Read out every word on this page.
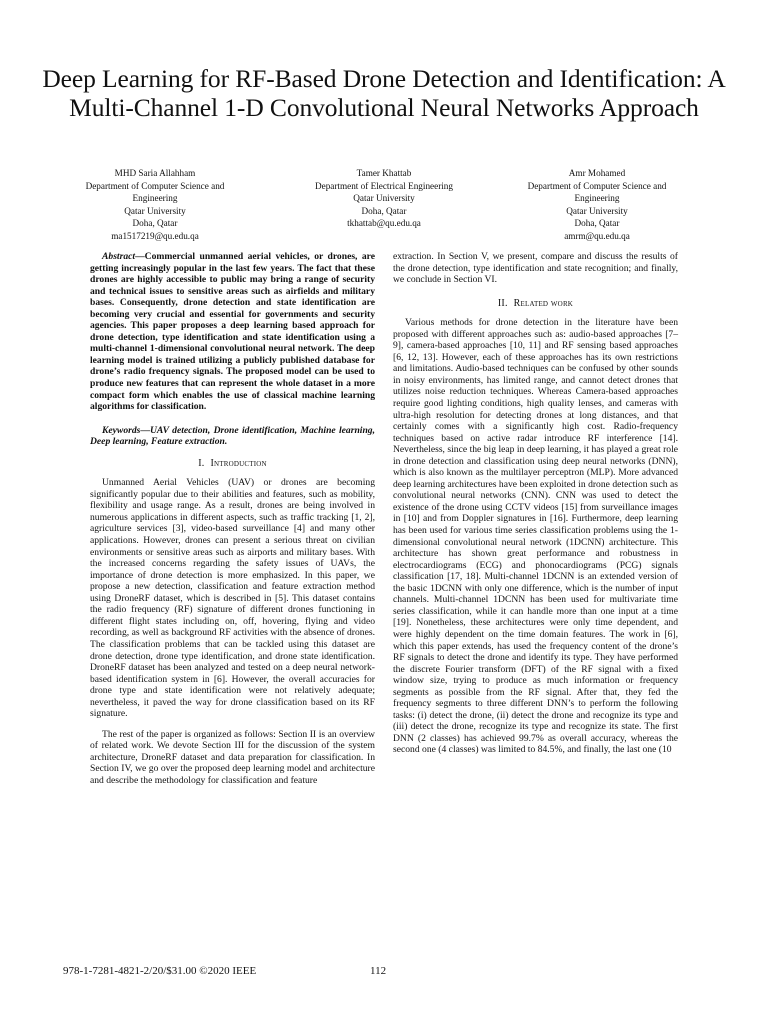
Deep Learning for RF-Based Drone Detection and Identification: A Multi-Channel 1-D Convolutional Neural Networks Approach
MHD Saria Allahham
Department of Computer Science and
Engineering
Qatar University
Doha, Qatar
ma1517219@qu.edu.qa
Tamer Khattab
Department of Electrical Engineering
Qatar University
Doha, Qatar
tkhattab@qu.edu.qa
Amr Mohamed
Department of Computer Science and
Engineering
Qatar University
Doha, Qatar
amrm@qu.edu.qa

Abstract—Commercial unmanned aerial vehicles, or drones, are getting increasingly popular in the last few years. The fact that these drones are highly accessible to public may bring a range of security and technical issues to sensitive areas such as airfields and military bases. Consequently, drone detection and state identification are becoming very crucial and essential for governments and security agencies. This paper proposes a deep learning based approach for drone detection, type identification and state identification using a multi-channel 1-dimensional convolutional neural network. The deep learning model is trained utilizing a publicly published database for drone’s radio frequency signals. The proposed model can be used to produce new features that can represent the whole dataset in a more compact form which enables the use of classical machine learning algorithms for classification.

Keywords—UAV detection, Drone identification, Machine learning, Deep learning, Feature extraction.

I. Introduction

Unmanned Aerial Vehicles (UAV) or drones are becoming significantly popular due to their abilities and features, such as mobility, flexibility and usage range. As a result, drones are being involved in numerous applications in different aspects, such as traffic tracking [1, 2], agriculture services [3], video-based surveillance [4] and many other applications. However, drones can present a serious threat on civilian environments or sensitive areas such as airports and military bases. With the increased concerns regarding the safety issues of UAVs, the importance of drone detection is more emphasized. In this paper, we propose a new detection, classification and feature extraction method using DroneRF dataset, which is described in [5]. This dataset contains the radio frequency (RF) signature of different drones functioning in different flight states including on, off, hovering, flying and video recording, as well as background RF activities with the absence of drones. The classification problems that can be tackled using this dataset are drone detection, drone type identification, and drone state identification. DroneRF dataset has been analyzed and tested on a deep neural network-based identification system in [6]. However, the overall accuracies for drone type and state identification were not relatively adequate; nevertheless, it paved the way for drone classification based on its RF signature.

The rest of the paper is organized as follows: Section II is an overview of related work. We devote Section III for the discussion of the system architecture, DroneRF dataset and data preparation for classification. In Section IV, we go over the proposed deep learning model and architecture and describe the methodology for classification and feature

extraction. In Section V, we present, compare and discuss the results of the drone detection, type identification and state recognition; and finally, we conclude in Section VI.

II. Related work

Various methods for drone detection in the literature have been proposed with different approaches such as: audio-based approaches [7–9], camera-based approaches [10, 11] and RF sensing based approaches [6, 12, 13]. However, each of these approaches has its own restrictions and limitations. Audio-based techniques can be confused by other sounds in noisy environments, has limited range, and cannot detect drones that utilizes noise reduction techniques. Whereas Camera-based approaches require good lighting conditions, high quality lenses, and cameras with ultra-high resolution for detecting drones at long distances, and that certainly comes with a significantly high cost. Radio-frequency techniques based on active radar introduce RF interference [14]. Nevertheless, since the big leap in deep learning, it has played a great role in drone detection and classification using deep neural networks (DNN), which is also known as the multilayer perceptron (MLP). More advanced deep learning architectures have been exploited in drone detection such as convolutional neural networks (CNN). CNN was used to detect the existence of the drone using CCTV videos [15] from surveillance images in [10] and from Doppler signatures in [16]. Furthermore, deep learning has been used for various time series classification problems using the 1-dimensional convolutional neural network (1DCNN) architecture. This architecture has shown great performance and robustness in electrocardiograms (ECG) and phonocardiograms (PCG) signals classification [17, 18]. Multi-channel 1DCNN is an extended version of the basic 1DCNN with only one difference, which is the number of input channels. Multi-channel 1DCNN has been used for multivariate time series classification, while it can handle more than one input at a time [19]. Nonetheless, these architectures were only time dependent, and were highly dependent on the time domain features. The work in [6], which this paper extends, has used the frequency content of the drone’s RF signals to detect the drone and identify its type. They have performed the discrete Fourier transform (DFT) of the RF signal with a fixed window size, trying to produce as much information or frequency segments as possible from the RF signal. After that, they fed the frequency segments to three different DNN’s to perform the following tasks: (i) detect the drone, (ii) detect the drone and recognize its type and (iii) detect the drone, recognize its type and recognize its state. The first DNN (2 classes) has achieved 99.7% as overall accuracy, whereas the second one (4 classes) was limited to 84.5%, and finally, the last one (10

978-1-7281-4821-2/20/$31.00 ©2020 IEEE	112
